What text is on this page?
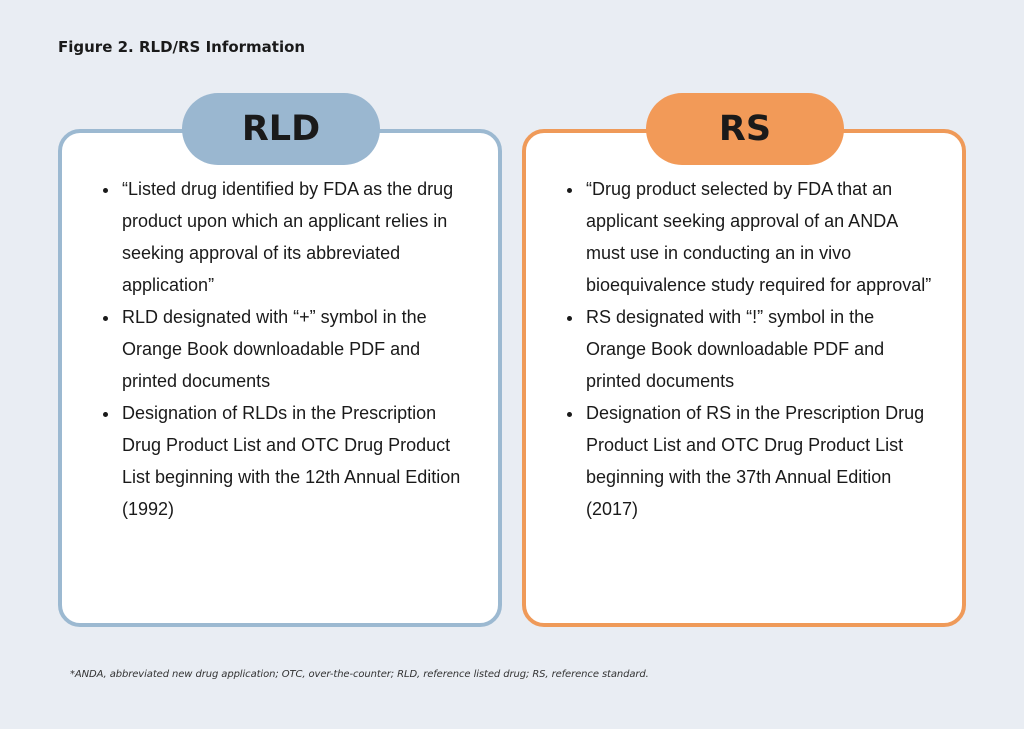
Figure 2. RLD/RS Information
RLD
• “Listed drug identified by FDA as the drug product upon which an applicant relies in seeking approval of its abbreviated application”
• RLD designated with “+” symbol in the Orange Book downloadable PDF and printed documents
• Designation of RLDs in the Prescription Drug Product List and OTC Drug Product List beginning with the 12th Annual Edition (1992)
RS
• “Drug product selected by FDA that an applicant seeking approval of an ANDA must use in conducting an in vivo bioequivalence study required for approval”
• RS designated with “!” symbol in the Orange Book downloadable PDF and printed documents
• Designation of RS in the Prescription Drug Product List and OTC Drug Product List beginning with the 37th Annual Edition (2017)

*ANDA, abbreviated new drug application; OTC, over-the-counter; RLD, reference listed drug; RS, reference standard.
